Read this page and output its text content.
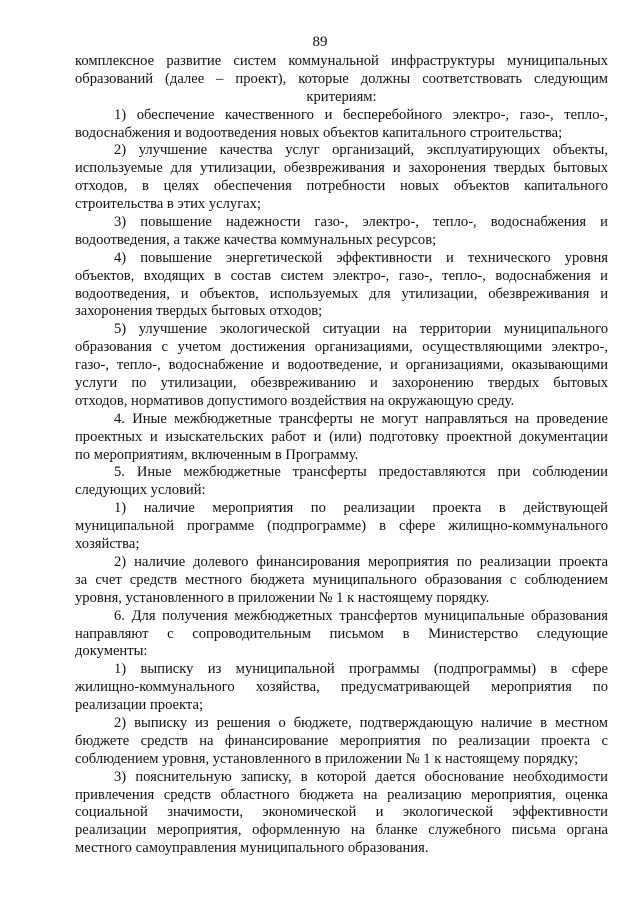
89
комплексное развитие систем коммунальной инфраструктуры муниципальных
образований (далее – проект), которые должны соответствовать следующим
критериям:
1) обеспечение качественного и бесперебойного электро-, газо-, тепло-,
водоснабжения и водоотведения новых объектов капитального строительства;
2) улучшение качества услуг организаций, эксплуатирующих объекты,
используемые для утилизации, обезвреживания и захоронения твердых бытовых
отходов, в целях обеспечения потребности новых объектов капитального
строительства в этих услугах;
3) повышение надежности газо-, электро-, тепло-, водоснабжения и
водоотведения, а также качества коммунальных ресурсов;
4) повышение энергетической эффективности и технического уровня
объектов, входящих в состав систем электро-, газо-, тепло-, водоснабжения и
водоотведения, и объектов, используемых для утилизации, обезвреживания и
захоронения твердых бытовых отходов;
5) улучшение экологической ситуации на территории муниципального
образования с учетом достижения организациями, осуществляющими электро-,
газо-, тепло-, водоснабжение и водоотведение, и организациями, оказывающими
услуги по утилизации, обезвреживанию и захоронению твердых бытовых
отходов, нормативов допустимого воздействия на окружающую среду.
4. Иные межбюджетные трансферты не могут направляться на проведение
проектных и изыскательских работ и (или) подготовку проектной документации
по мероприятиям, включенным в Программу.
5. Иные межбюджетные трансферты предоставляются при соблюдении
следующих условий:
1) наличие мероприятия по реализации проекта в действующей
муниципальной программе (подпрограмме) в сфере жилищно-коммунального
хозяйства;
2) наличие долевого финансирования мероприятия по реализации проекта
за счет средств местного бюджета муниципального образования с соблюдением
уровня, установленного в приложении № 1 к настоящему порядку.
6. Для получения межбюджетных трансфертов муниципальные образования
направляют с сопроводительным письмом в Министерство следующие
документы:
1) выписку из муниципальной программы (подпрограммы) в сфере
жилищно-коммунального хозяйства, предусматривающей мероприятия по
реализации проекта;
2) выписку из решения о бюджете, подтверждающую наличие в местном
бюджете средств на финансирование мероприятия по реализации проекта с
соблюдением уровня, установленного в приложении № 1 к настоящему порядку;
3) пояснительную записку, в которой дается обоснование необходимости
привлечения средств областного бюджета на реализацию мероприятия, оценка
социальной значимости, экономической и экологической эффективности
реализации мероприятия, оформленную на бланке служебного письма органа
местного самоуправления муниципального образования.
